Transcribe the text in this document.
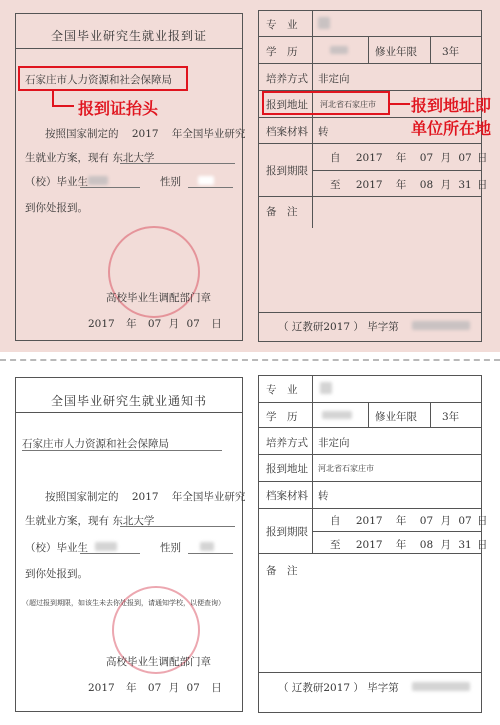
全国毕业研究生就业报到证
石家庄市人力资源和社会保障局
报到证抬头
按照国家制定的 2017 年全国毕业研究
生就业方案，现有 东北大学
（校）毕业生	性别
到你处报到。
高校毕业生调配部门章
2017 年 07 月 07 日
专　业
学　历	修业年限 3年
培养方式 非定向
报到地址 河北省石家庄市 报到地址即
单位所在地
档案材料 转
报到期限
自 2017 年 07 月 07 日
至 2017 年 08 月 31 日
备　注
（ 辽教研2017 ） 毕字第
全国毕业研究生就业通知书
石家庄市人力资源和社会保障局
按照国家制定的 2017 年全国毕业研究
生就业方案，现有 东北大学
（校）毕业生	性别
到你处报到。
（超过报到期限，如该生未去你处报到，请通知学校，以便查询）
高校毕业生调配部门章
2017 年 07 月 07 日
专　业
学　历	修业年限 3年
培养方式 非定向
报到地址 河北省石家庄市
档案材料 转
报到期限
自 2017 年 07 月 07 日
至 2017 年 08 月 31 日
备　注
（ 辽教研2017 ） 毕字第
